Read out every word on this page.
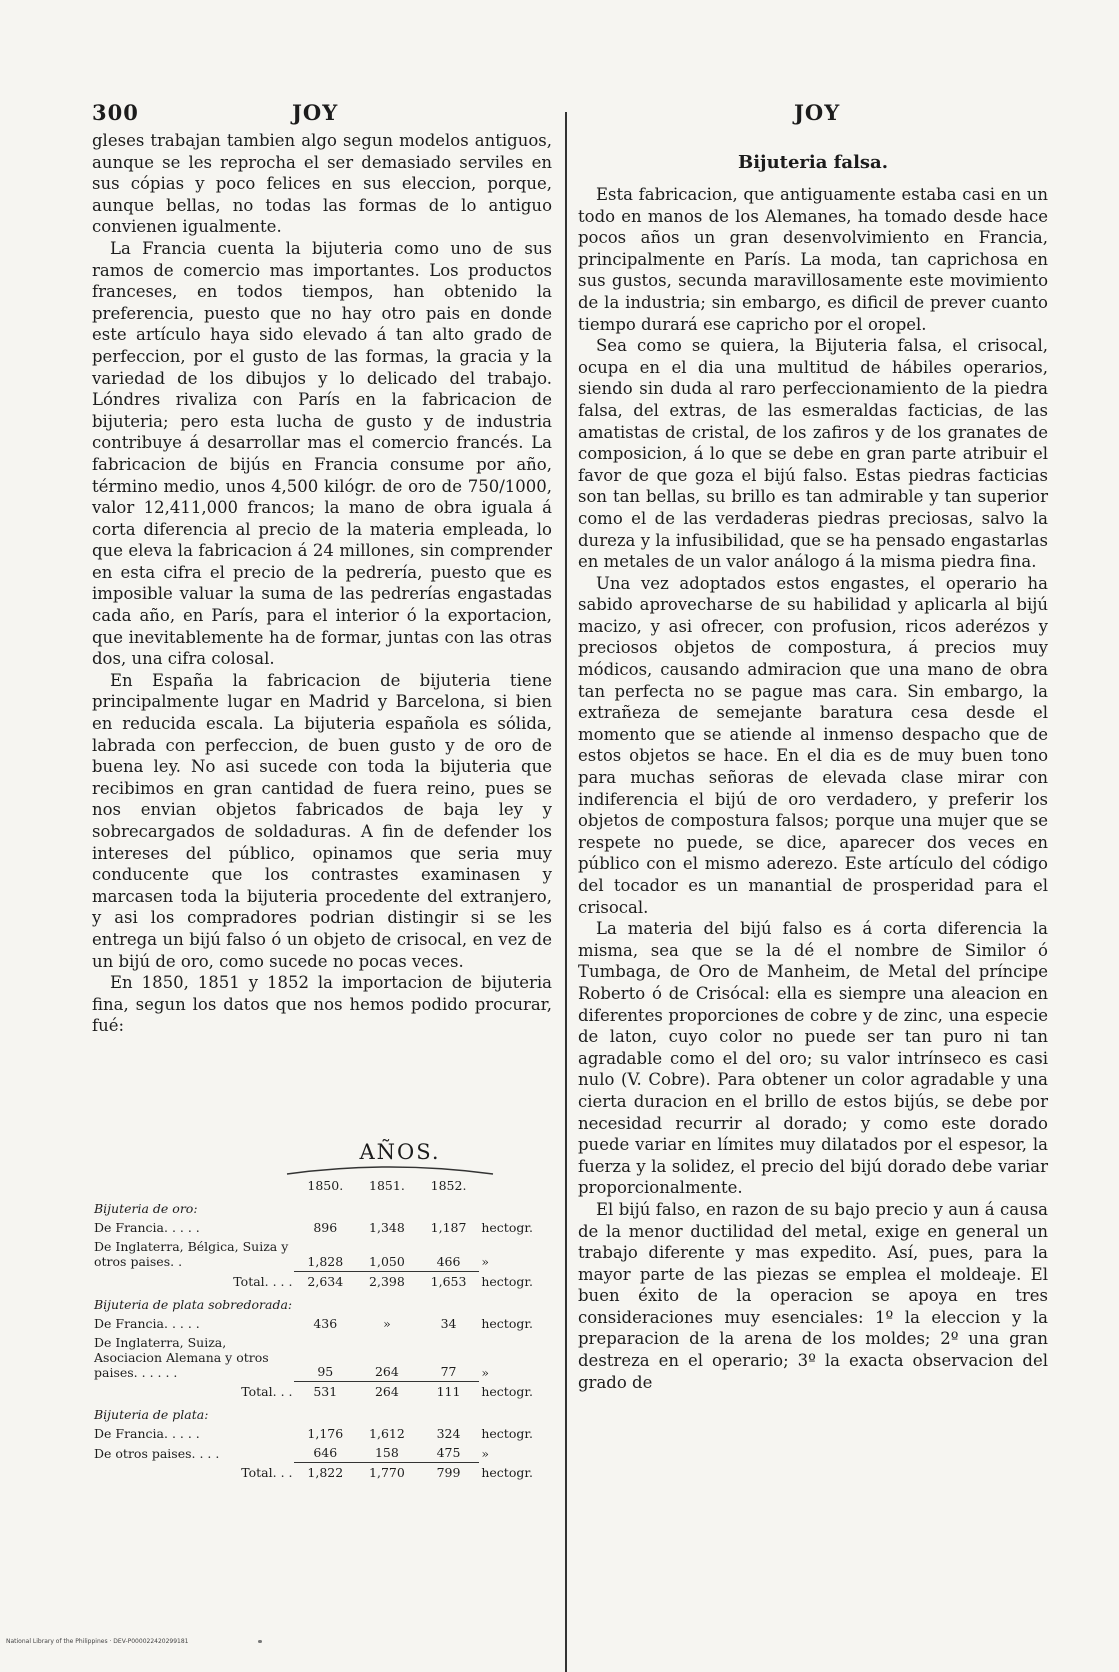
300	JOY	JOY

gleses trabajan tambien algo segun modelos antiguos, aunque se les reprocha el ser demasiado serviles en sus cópias y poco felices en sus eleccion, porque, aunque bellas, no todas las formas de lo antiguo convienen igualmente.

La Francia cuenta la bijuteria como uno de sus ramos de comercio mas importantes. Los productos franceses, en todos tiempos, han obtenido la preferencia, puesto que no hay otro pais en donde este artículo haya sido elevado á tan alto grado de perfeccion, por el gusto de las formas, la gracia y la variedad de los dibujos y lo delicado del trabajo. Lóndres rivaliza con París en la fabricacion de bijuteria; pero esta lucha de gusto y de industria contribuye á desarrollar mas el comercio francés. La fabricacion de bijús en Francia consume por año, término medio, unos 4,500 kilógr. de oro de 750/1000, valor 12,411,000 francos; la mano de obra iguala á corta diferencia al precio de la materia empleada, lo que eleva la fabricacion á 24 millones, sin comprender en esta cifra el precio de la pedrería, puesto que es imposible valuar la suma de las pedrerías engastadas cada año, en París, para el interior ó la exportacion, que inevitablemente ha de formar, juntas con las otras dos, una cifra colosal.

En España la fabricacion de bijuteria tiene principalmente lugar en Madrid y Barcelona, si bien en reducida escala. La bijuteria española es sólida, labrada con perfeccion, de buen gusto y de oro de buena ley. No asi sucede con toda la bijuteria que recibimos en gran cantidad de fuera reino, pues se nos envian objetos fabricados de baja ley y sobrecargados de soldaduras. A fin de defender los intereses del público, opinamos que seria muy conducente que los contrastes examinasen y marcasen toda la bijuteria procedente del extranjero, y asi los compradores podrian distingir si se les entrega un bijú falso ó un objeto de crisocal, en vez de un bijú de oro, como sucede no pocas veces.

En 1850, 1851 y 1852 la importacion de bijuteria fina, segun los datos que nos hemos podido procurar, fué:

AÑOS.
	1850.	1851.	1852.	
Bijuteria de oro:				
De Francia. . . . .	896	1,348	1,187	hectogr.
De Inglaterra, Bélgica, Suiza y otros paises. .	1,828	1,050	466	»
Total. . . .	2,634	2,398	1,653	hectogr.
Bijuteria de plata sobredorada:				
De Francia. . . . .	436	»	34	hectogr.
De Inglaterra, Suiza, Asociacion Alemana y otros paises. . . . . .	95	264	77	»
Total. . .	531	264	111	hectogr.
Bijuteria de plata:				
De Francia. . . . .	1,176	1,612	324	hectogr.
De otros paises. . . .	646	158	475	»
Total. . .	1,822	1,770	799	hectogr.
Bijuteria falsa.

Esta fabricacion, que antiguamente estaba casi en un todo en manos de los Alemanes, ha tomado desde hace pocos años un gran desenvolvimiento en Francia, principalmente en París. La moda, tan caprichosa en sus gustos, secunda maravillosamente este movimiento de la industria; sin embargo, es dificil de prever cuanto tiempo durará ese capricho por el oropel.

Sea como se quiera, la Bijuteria falsa, el crisocal, ocupa en el dia una multitud de hábiles operarios, siendo sin duda al raro perfeccionamiento de la piedra falsa, del extras, de las esmeraldas facticias, de las amatistas de cristal, de los zafiros y de los granates de composicion, á lo que se debe en gran parte atribuir el favor de que goza el bijú falso. Estas piedras facticias son tan bellas, su brillo es tan admirable y tan superior como el de las verdaderas piedras preciosas, salvo la dureza y la infusibilidad, que se ha pensado engastarlas en metales de un valor análogo á la misma piedra fina.

Una vez adoptados estos engastes, el operario ha sabido aprovecharse de su habilidad y aplicarla al bijú macizo, y asi ofrecer, con profusion, ricos aderézos y preciosos objetos de compostura, á precios muy módicos, causando admiracion que una mano de obra tan perfecta no se pague mas cara. Sin embargo, la extrañeza de semejante baratura cesa desde el momento que se atiende al inmenso despacho que de estos objetos se hace. En el dia es de muy buen tono para muchas señoras de elevada clase mirar con indiferencia el bijú de oro verdadero, y preferir los objetos de compostura falsos; porque una mujer que se respete no puede, se dice, aparecer dos veces en público con el mismo aderezo. Este artículo del código del tocador es un manantial de prosperidad para el crisocal.

La materia del bijú falso es á corta diferencia la misma, sea que se la dé el nombre de Similor ó Tumbaga, de Oro de Manheim, de Metal del príncipe Roberto ó de Crisócal: ella es siempre una aleacion en diferentes proporciones de cobre y de zinc, una especie de laton, cuyo color no puede ser tan puro ni tan agradable como el del oro; su valor intrínseco es casi nulo (V. Cobre). Para obtener un color agradable y una cierta duracion en el brillo de estos bijús, se debe por necesidad recurrir al dorado; y como este dorado puede variar en límites muy dilatados por el espesor, la fuerza y la solidez, el precio del bijú dorado debe variar proporcionalmente.

El bijú falso, en razon de su bajo precio y aun á causa de la menor ductilidad del metal, exige en general un trabajo diferente y mas expedito. Así, pues, para la mayor parte de las piezas se emplea el moldeaje. El buen éxito de la operacion se apoya en tres consideraciones muy esenciales: 1º la eleccion y la preparacion de la arena de los moldes; 2º una gran destreza en el operario; 3º la exacta observacion del grado de

National Library of the Philippines · DEV-P000022420299181
